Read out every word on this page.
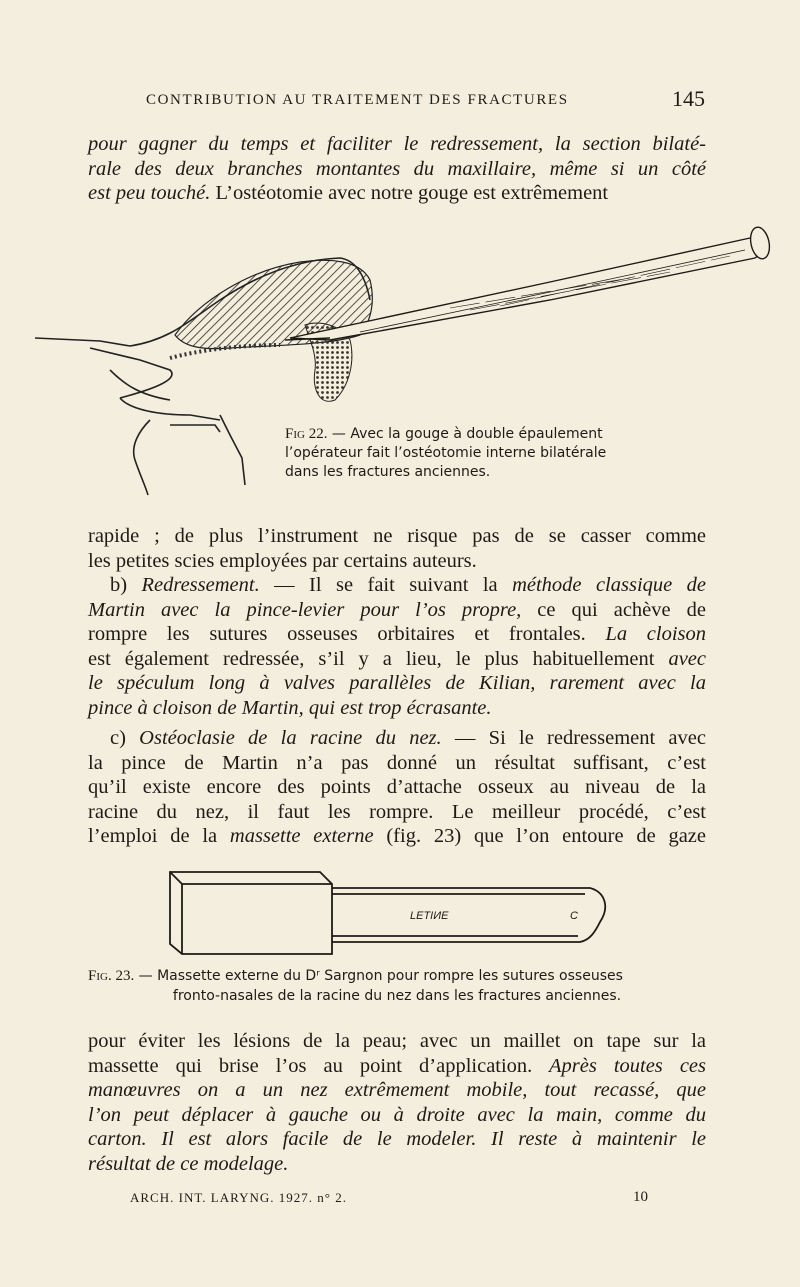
CONTRIBUTION AU TRAITEMENT DES FRACTURES	145
pour gagner du temps et faciliter le redressement, la section bilaté-
rale des deux branches montantes du maxillaire, même si un côté
est peu touché. L’ostéotomie avec notre gouge est extrêmement
Fig 22. — Avec la gouge à double épaulement
l’opérateur fait l’ostéotomie interne bilatérale
dans les fractures anciennes.
rapide ; de plus l’instrument ne risque pas de se casser comme
les petites scies employées par certains auteurs.
b) Redressement. — Il se fait suivant la méthode classique de
Martin avec la pince-levier pour l’os propre, ce qui achève de
rompre les sutures osseuses orbitaires et frontales. La cloison
est également redressée, s’il y a lieu, le plus habituellement avec
le spéculum long à valves parallèles de Kilian, rarement avec la
pince à cloison de Martin, qui est trop écrasante.
c) Ostéoclasie de la racine du nez. — Si le redressement avec
la pince de Martin n’a pas donné un résultat suffisant, c’est
qu’il existe encore des points d’attache osseux au niveau de la
racine du nez, il faut les rompre. Le meilleur procédé, c’est
l’emploi de la massette externe (fig. 23) que l’on entoure de gaze
LEТIИE	C
Fig. 23. — Massette externe du Dʳ Sargnon pour rompre les sutures osseuses
fronto-nasales de la racine du nez dans les fractures anciennes.
pour éviter les lésions de la peau; avec un maillet on tape sur la
massette qui brise l’os au point d’application. Après toutes ces
manœuvres on a un nez extrêmement mobile, tout recassé, que
l’on peut déplacer à gauche ou à droite avec la main, comme du
carton. Il est alors facile de le modeler. Il reste à maintenir le
résultat de ce modelage.
ARCH. INT. LARYNG. 1927. n° 2.	10
